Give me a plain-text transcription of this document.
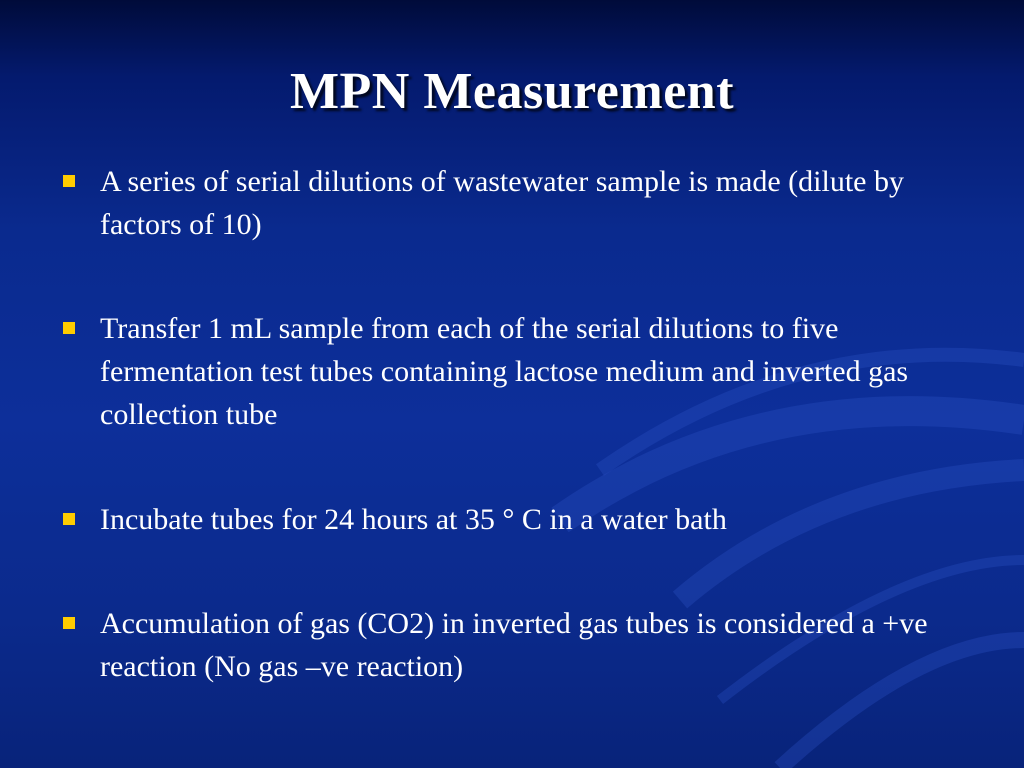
MPN Measurement
A series of serial dilutions of wastewater sample is made (dilute by factors of 10)
Transfer 1 mL sample from each of the serial dilutions to five fermentation test tubes containing lactose medium and inverted gas collection tube
Incubate tubes for 24 hours at 35 ° C in a water bath
Accumulation of gas (CO2) in inverted gas tubes is considered a +ve reaction (No gas –ve reaction)
